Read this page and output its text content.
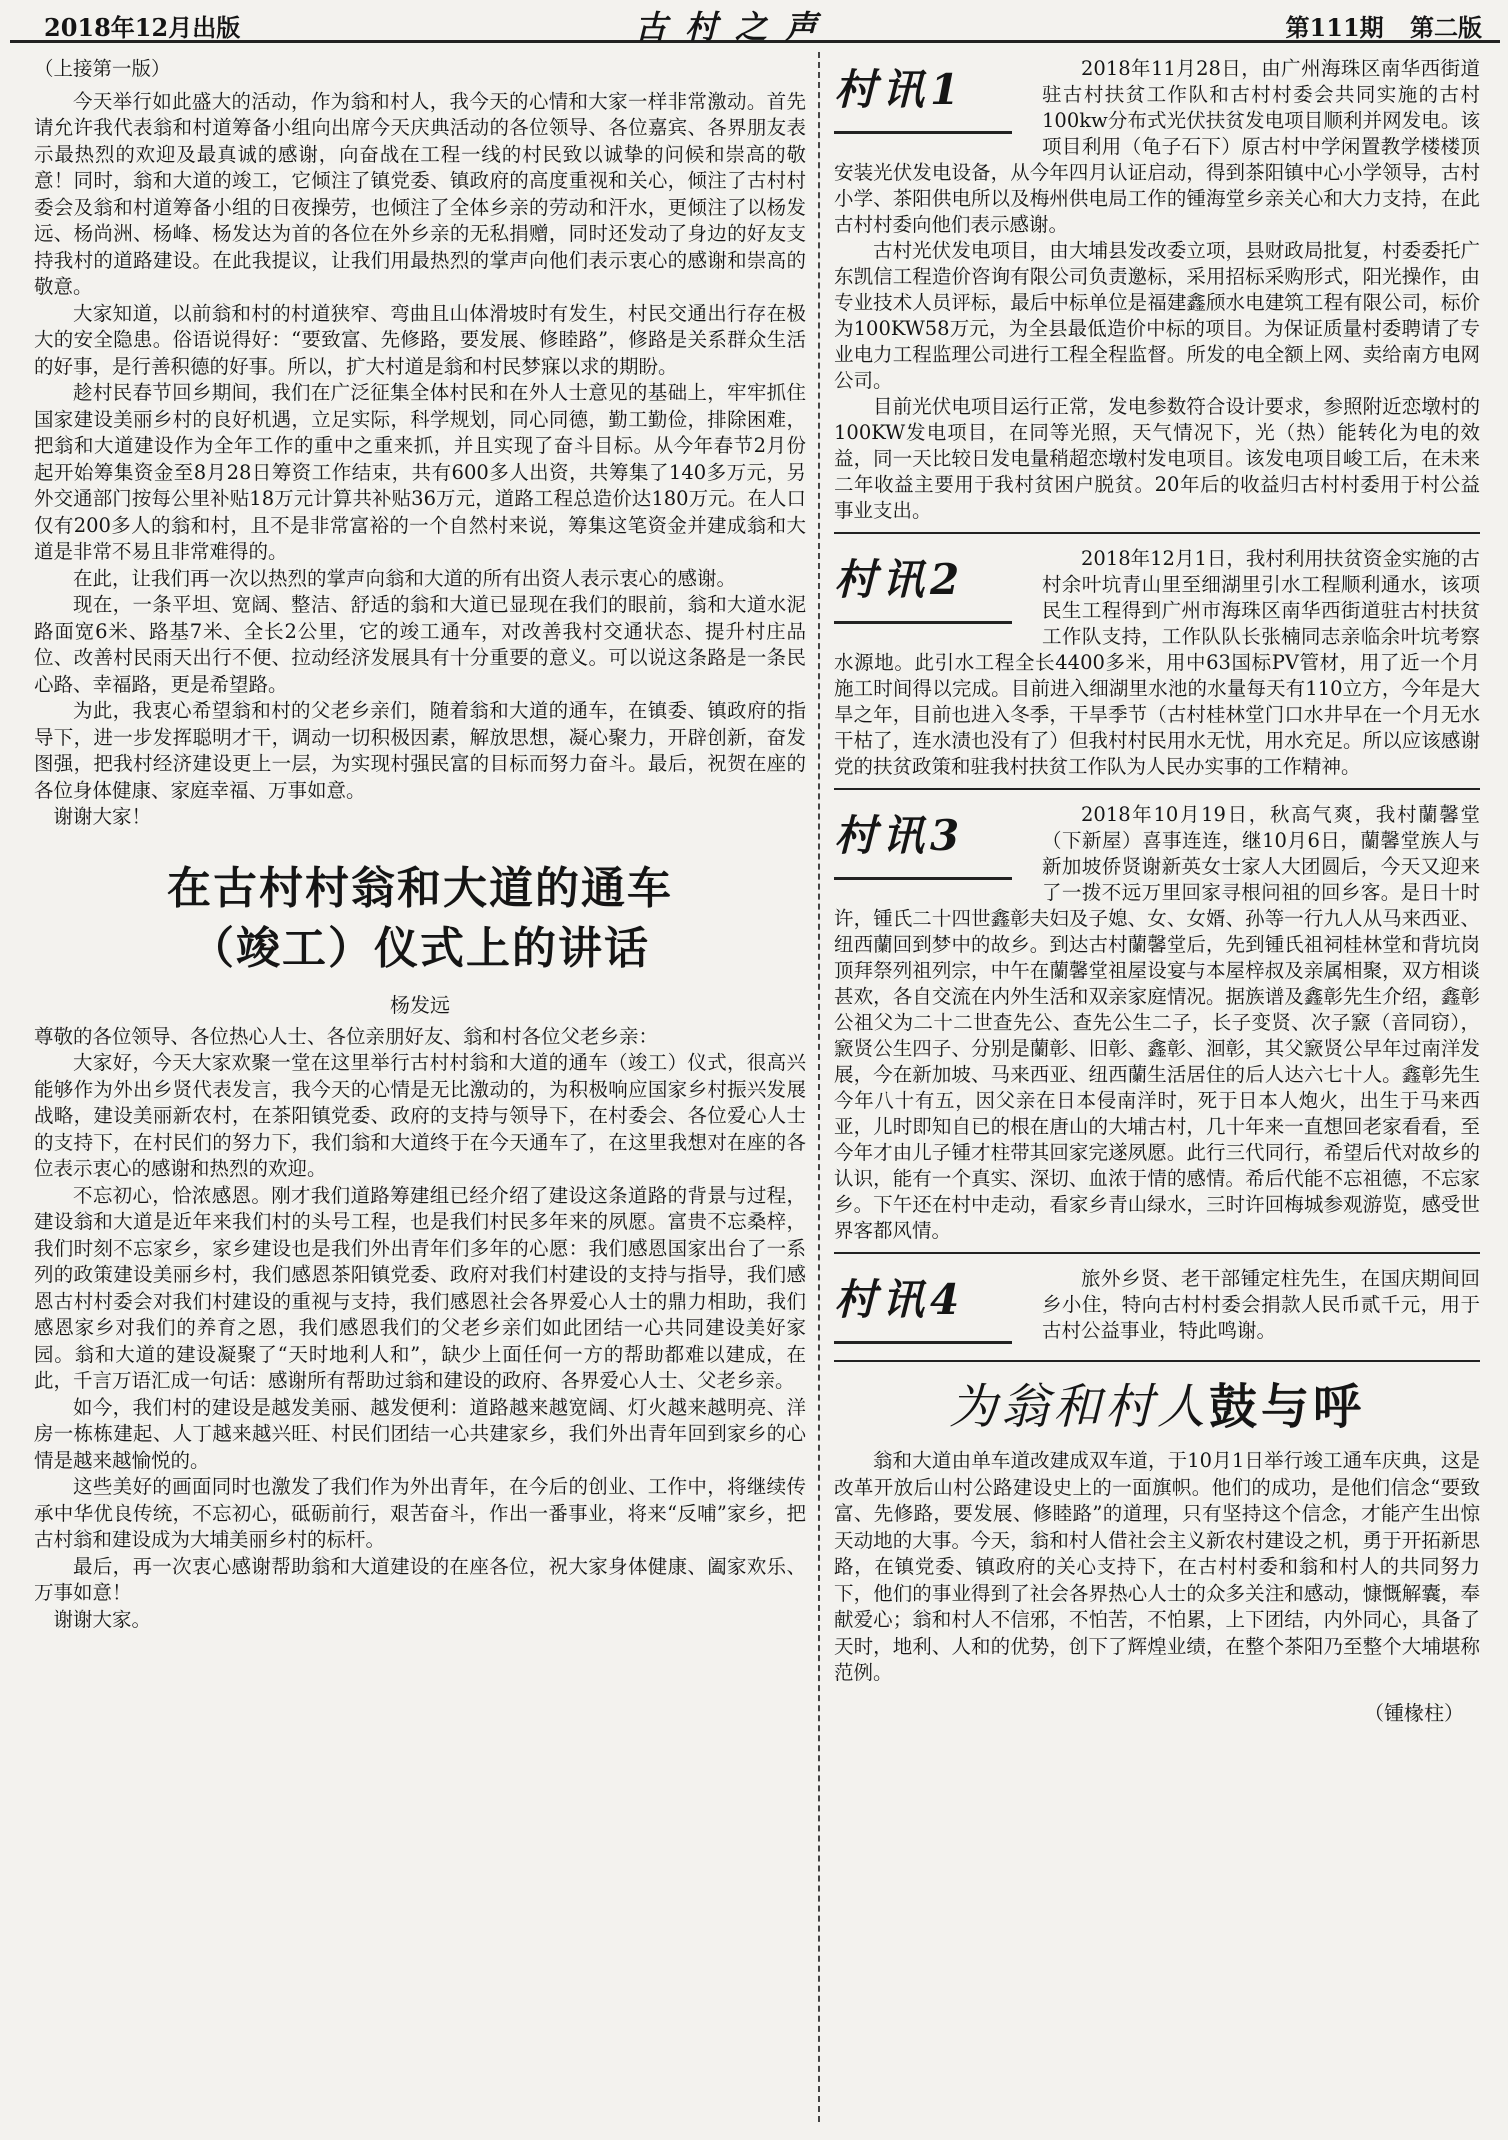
2018年12月出版	古村之声	第111期 第二版
（上接第一版）

今天举行如此盛大的活动，作为翁和村人，我今天的心情和大家一样非常激动。首先请允许我代表翁和村道筹备小组向出席今天庆典活动的各位领导、各位嘉宾、各界朋友表示最热烈的欢迎及最真诚的感谢，向奋战在工程一线的村民致以诚挚的问候和崇高的敬意！同时，翁和大道的竣工，它倾注了镇党委、镇政府的高度重视和关心，倾注了古村村委会及翁和村道筹备小组的日夜操劳，也倾注了全体乡亲的劳动和汗水，更倾注了以杨发远、杨尚洲、杨峰、杨发达为首的各位在外乡亲的无私捐赠，同时还发动了身边的好友支持我村的道路建设。在此我提议，让我们用最热烈的掌声向他们表示衷心的感谢和崇高的敬意。

大家知道，以前翁和村的村道狭窄、弯曲且山体滑坡时有发生，村民交通出行存在极大的安全隐患。俗语说得好：“要致富、先修路，要发展、修睦路”，修路是关系群众生活的好事，是行善积德的好事。所以，扩大村道是翁和村民梦寐以求的期盼。

趁村民春节回乡期间，我们在广泛征集全体村民和在外人士意见的基础上，牢牢抓住国家建设美丽乡村的良好机遇，立足实际，科学规划，同心同德，勤工勤俭，排除困难，把翁和大道建设作为全年工作的重中之重来抓，并且实现了奋斗目标。从今年春节2月份起开始筹集资金至8月28日筹资工作结束，共有600多人出资，共筹集了140多万元，另外交通部门按每公里补贴18万元计算共补贴36万元，道路工程总造价达180万元。在人口仅有200多人的翁和村，且不是非常富裕的一个自然村来说，筹集这笔资金并建成翁和大道是非常不易且非常难得的。

在此，让我们再一次以热烈的掌声向翁和大道的所有出资人表示衷心的感谢。

现在，一条平坦、宽阔、整洁、舒适的翁和大道已显现在我们的眼前，翁和大道水泥路面宽6米、路基7米、全长2公里，它的竣工通车，对改善我村交通状态、提升村庄品位、改善村民雨天出行不便、拉动经济发展具有十分重要的意义。可以说这条路是一条民心路、幸福路，更是希望路。

为此，我衷心希望翁和村的父老乡亲们，随着翁和大道的通车，在镇委、镇政府的指导下，进一步发挥聪明才干，调动一切积极因素，解放思想，凝心聚力，开辟创新，奋发图强，把我村经济建设更上一层，为实现村强民富的目标而努力奋斗。最后，祝贺在座的各位身体健康、家庭幸福、万事如意。

谢谢大家！

在古村村翁和大道的通车
（竣工）仪式上的讲话
杨发远

尊敬的各位领导、各位热心人士、各位亲朋好友、翁和村各位父老乡亲：

大家好，今天大家欢聚一堂在这里举行古村村翁和大道的通车（竣工）仪式，很高兴能够作为外出乡贤代表发言，我今天的心情是无比激动的，为积极响应国家乡村振兴发展战略，建设美丽新农村，在茶阳镇党委、政府的支持与领导下，在村委会、各位爱心人士的支持下，在村民们的努力下，我们翁和大道终于在今天通车了，在这里我想对在座的各位表示衷心的感谢和热烈的欢迎。

不忘初心，恰浓感恩。刚才我们道路筹建组已经介绍了建设这条道路的背景与过程，建设翁和大道是近年来我们村的头号工程，也是我们村民多年来的夙愿。富贵不忘桑梓，我们时刻不忘家乡，家乡建设也是我们外出青年们多年的心愿：我们感恩国家出台了一系列的政策建设美丽乡村，我们感恩茶阳镇党委、政府对我们村建设的支持与指导，我们感恩古村村委会对我们村建设的重视与支持，我们感恩社会各界爱心人士的鼎力相助，我们感恩家乡对我们的养育之恩，我们感恩我们的父老乡亲们如此团结一心共同建设美好家园。翁和大道的建设凝聚了“天时地利人和”，缺少上面任何一方的帮助都难以建成，在此，千言万语汇成一句话：感谢所有帮助过翁和建设的政府、各界爱心人士、父老乡亲。

如今，我们村的建设是越发美丽、越发便利：道路越来越宽阔、灯火越来越明亮、洋房一栋栋建起、人丁越来越兴旺、村民们团结一心共建家乡，我们外出青年回到家乡的心情是越来越愉悦的。

这些美好的画面同时也激发了我们作为外出青年，在今后的创业、工作中，将继续传承中华优良传统，不忘初心，砥砺前行，艰苦奋斗，作出一番事业，将来“反哺”家乡，把古村翁和建设成为大埔美丽乡村的标杆。

最后，再一次衷心感谢帮助翁和大道建设的在座各位，祝大家身体健康、阖家欢乐、万事如意！

谢谢大家。

村讯1	2018年11月28日，由广州海珠区南华西街道驻古村扶贫工作队和古村村委会共同实施的古村100kw分布式光伏扶贫发电项目顺利并网发电。该项目利用（龟子石下）原古村中学闲置教学楼楼顶安装光伏发电设备，从今年四月认证启动，得到茶阳镇中心小学领导，古村小学、茶阳供电所以及梅州供电局工作的锺海堂乡亲关心和大力支持，在此古村村委向他们表示感谢。

古村光伏发电项目，由大埔县发改委立项，县财政局批复，村委委托广东凯信工程造价咨询有限公司负责邀标，采用招标采购形式，阳光操作，由专业技术人员评标，最后中标单位是福建鑫颀水电建筑工程有限公司，标价为100KW58万元，为全县最低造价中标的项目。为保证质量村委聘请了专业电力工程监理公司进行工程全程监督。所发的电全额上网、卖给南方电网公司。

目前光伏电项目运行正常，发电参数符合设计要求，参照附近恋墩村的100KW发电项目，在同等光照，天气情况下，光（热）能转化为电的效益，同一天比较日发电量稍超恋墩村发电项目。该发电项目峻工后，在未来二年收益主要用于我村贫困户脱贫。20年后的收益归古村村委用于村公益事业支出。

村讯2	2018年12月1日，我村利用扶贫资金实施的古村余叶坑青山里至细湖里引水工程顺利通水，该项民生工程得到广州市海珠区南华西街道驻古村扶贫工作队支持，工作队队长张楠同志亲临余叶坑考察水源地。此引水工程全长4400多米，用中63国标PV管材，用了近一个月施工时间得以完成。目前进入细湖里水池的水量每天有110立方，今年是大旱之年，目前也进入冬季，干旱季节（古村桂林堂门口水井早在一个月无水干枯了，连水渍也没有了）但我村村民用水无忧，用水充足。所以应该感谢党的扶贫政策和驻我村扶贫工作队为人民办实事的工作精神。

村讯3	2018年10月19日，秋高气爽，我村蘭馨堂（下新屋）喜事连连，继10月6日，蘭馨堂族人与新加坡侨贤谢新英女士家人大团圆后，今天又迎来了一拨不远万里回家寻根问祖的回乡客。是日十时许，锺氏二十四世鑫彰夫妇及子媳、女、女婿、孙等一行九人从马来西亚、纽西蘭回到梦中的故乡。到达古村蘭馨堂后，先到锺氏祖祠桂林堂和背坑岗顶拜祭列祖列宗，中午在蘭馨堂祖屋设宴与本屋梓叔及亲属相聚，双方相谈甚欢，各自交流在内外生活和双亲家庭情况。据族谱及鑫彰先生介绍，鑫彰公祖父为二十二世查先公、查先公生二子，长子变贤、次子窾（音同窃），窾贤公生四子、分别是蘭彰、旧彰、鑫彰、洄彰，其父窾贤公早年过南洋发展，今在新加坡、马来西亚、纽西蘭生活居住的后人达六七十人。鑫彰先生今年八十有五，因父亲在日本侵南洋时，死于日本人炮火，出生于马来西亚，儿时即知自已的根在唐山的大埔古村，几十年来一直想回老家看看，至今年才由儿子锺才柱带其回家完遂夙愿。此行三代同行，希望后代对故乡的认识，能有一个真实、深切、血浓于情的感情。希后代能不忘祖德，不忘家乡。下午还在村中走动，看家乡青山绿水，三时许回梅城参观游览，感受世界客都风情。

村讯4	旅外乡贤、老干部锺定柱先生，在国庆期间回乡小住，特向古村村委会捐款人民币贰千元，用于古村公益事业，特此鸣谢。

为翁和村人鼓与呼

翁和大道由单车道改建成双车道，于10月1日举行竣工通车庆典，这是改革开放后山村公路建设史上的一面旗帜。他们的成功，是他们信念“要致富、先修路，要发展、修睦路”的道理，只有坚持这个信念，才能产生出惊天动地的大事。今天，翁和村人借社会主义新农村建设之机，勇于开拓新思路，在镇党委、镇政府的关心支持下，在古村村委和翁和村人的共同努力下，他们的事业得到了社会各界热心人士的众多关注和感动，慷慨解囊，奉献爱心；翁和村人不信邪，不怕苦，不怕累，上下团结，内外同心，具备了天时，地利、人和的优势，创下了辉煌业绩，在整个茶阳乃至整个大埔堪称范例。

（锺椽柱）
